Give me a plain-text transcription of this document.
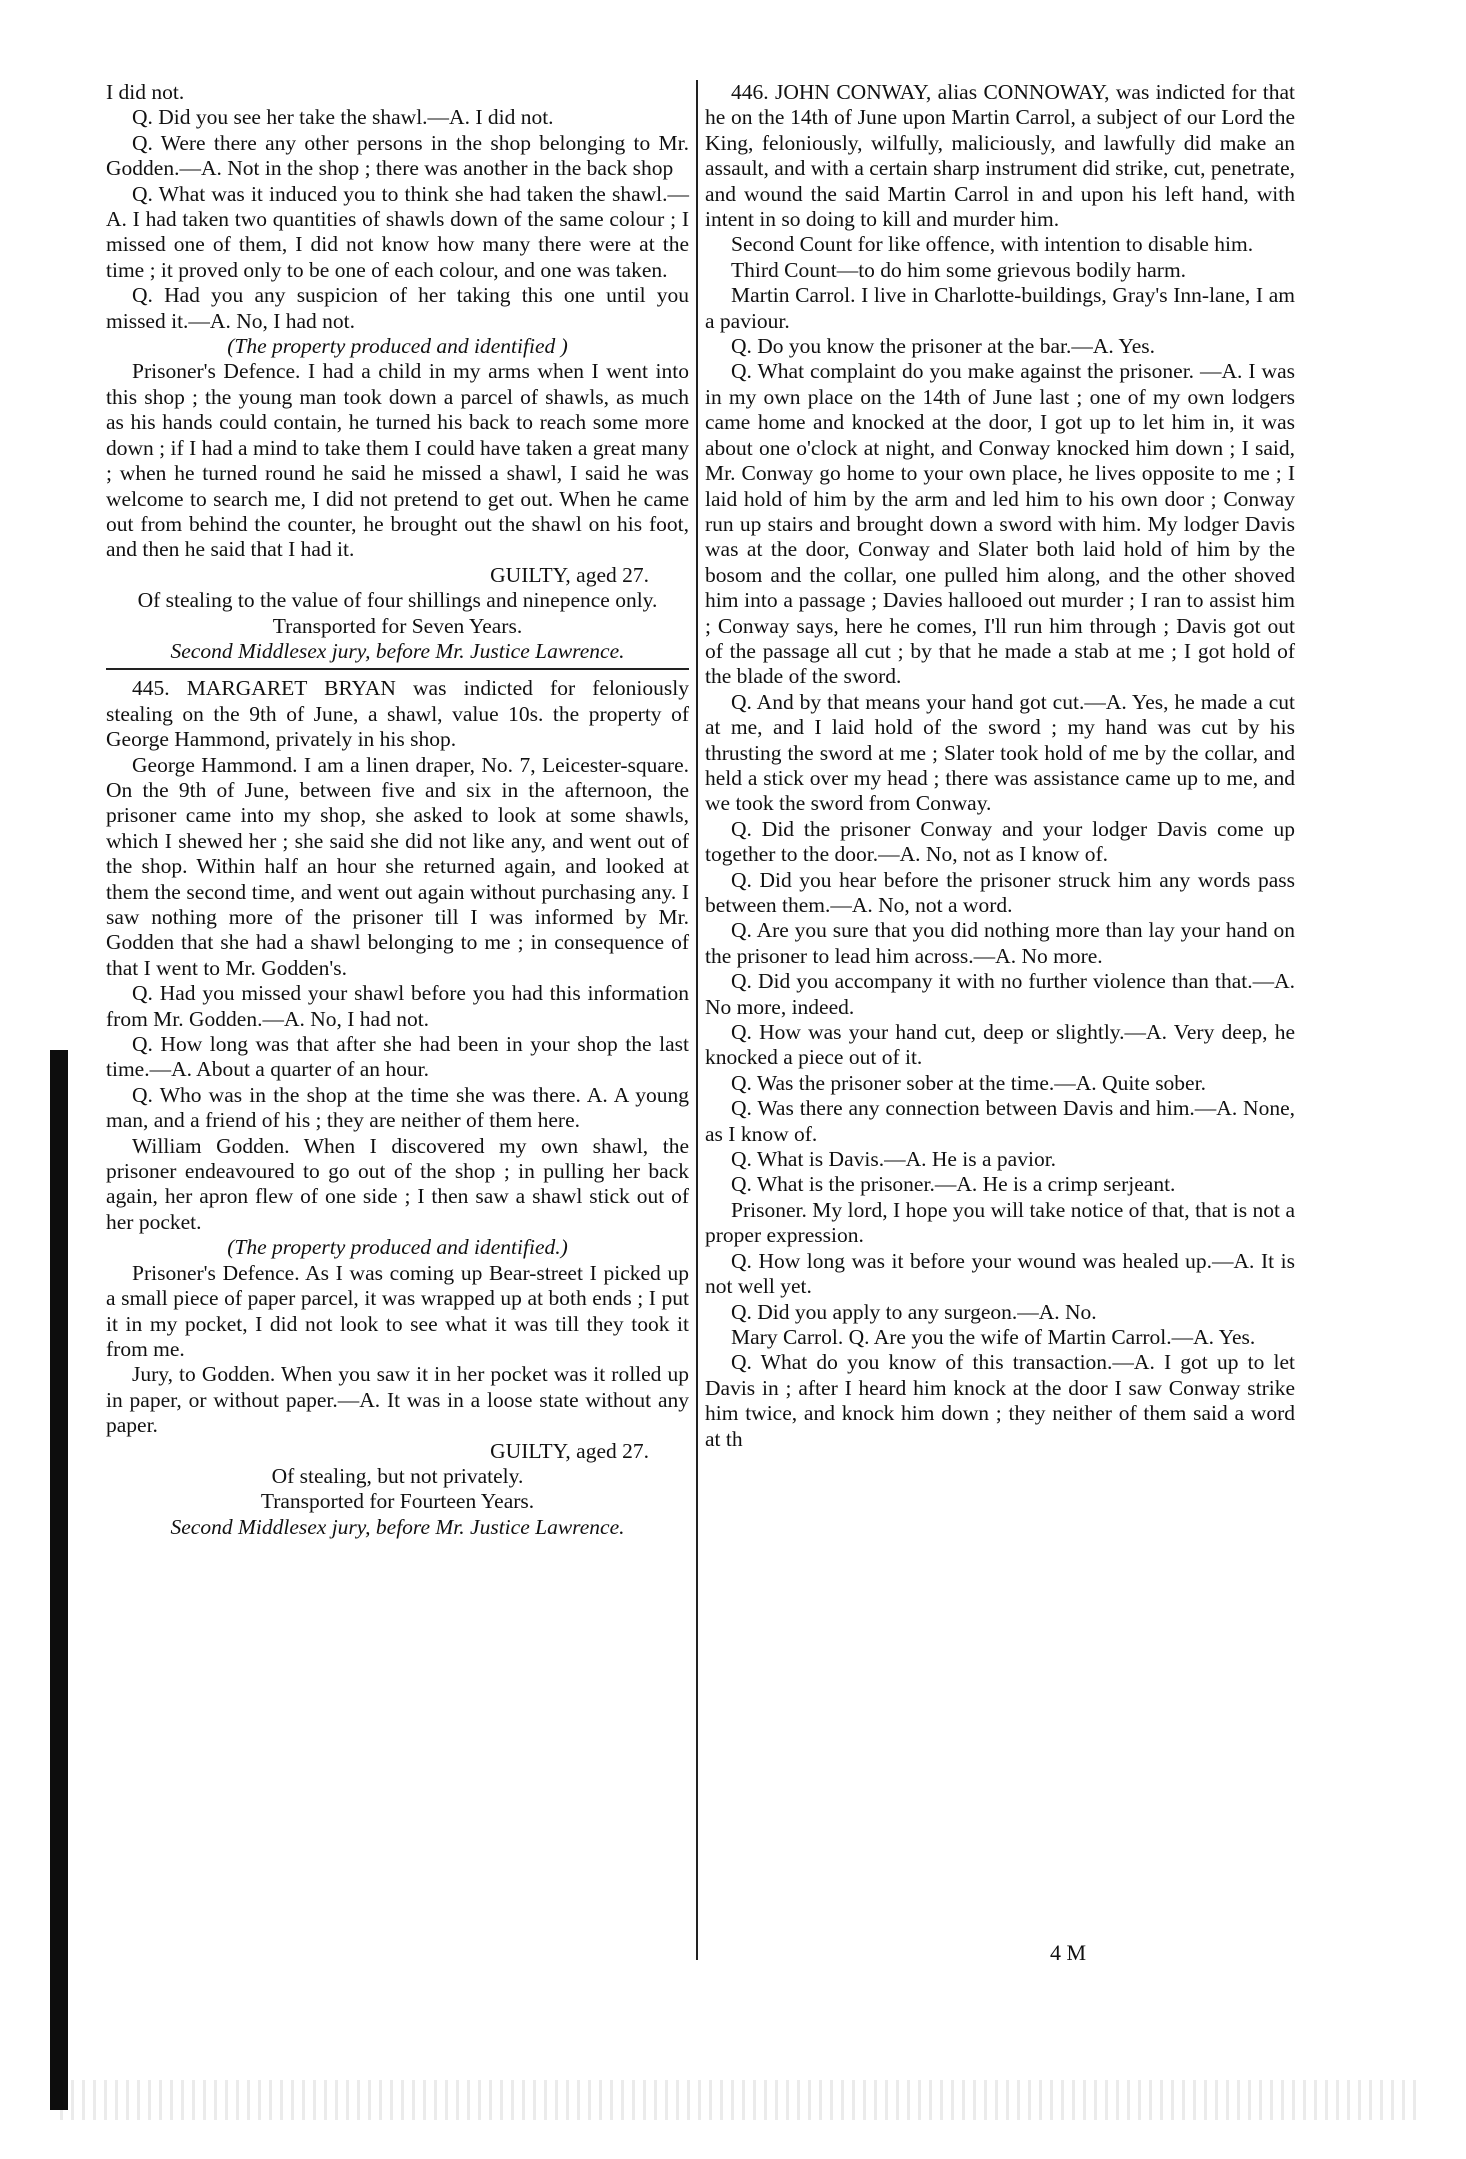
I did not.

Q. Did you see her take the shawl.—A. I did not.

Q. Were there any other persons in the shop belonging to Mr. Godden.—A. Not in the shop ; there was another in the back shop

Q. What was it induced you to think she had taken the shawl.—A. I had taken two quantities of shawls down of the same colour ; I missed one of them, I did not know how many there were at the time ; it proved only to be one of each colour, and one was taken.

Q. Had you any suspicion of her taking this one until you missed it.—A. No, I had not.

(The property produced and identified )

Prisoner's Defence. I had a child in my arms when I went into this shop ; the young man took down a parcel of shawls, as much as his hands could contain, he turned his back to reach some more down ; if I had a mind to take them I could have taken a great many ; when he turned round he said he missed a shawl, I said he was welcome to search me, I did not pretend to get out. When he came out from behind the counter, he brought out the shawl on his foot, and then he said that I had it.

GUILTY, aged 27.

Of stealing to the value of four shillings and ninepence only.

Transported for Seven Years.

Second Middlesex jury, before Mr. Justice Lawrence.

445. MARGARET BRYAN was indicted for feloniously stealing on the 9th of June, a shawl, value 10s. the property of George Hammond, privately in his shop.

George Hammond. I am a linen draper, No. 7, Leicester-square. On the 9th of June, between five and six in the afternoon, the prisoner came into my shop, she asked to look at some shawls, which I shewed her ; she said she did not like any, and went out of the shop. Within half an hour she returned again, and looked at them the second time, and went out again without purchasing any. I saw nothing more of the prisoner till I was informed by Mr. Godden that she had a shawl belonging to me ; in consequence of that I went to Mr. Godden's.

Q. Had you missed your shawl before you had this information from Mr. Godden.—A. No, I had not.

Q. How long was that after she had been in your shop the last time.—A. About a quarter of an hour.

Q. Who was in the shop at the time she was there. A. A young man, and a friend of his ; they are neither of them here.

William Godden. When I discovered my own shawl, the prisoner endeavoured to go out of the shop ; in pulling her back again, her apron flew of one side ; I then saw a shawl stick out of her pocket.

(The property produced and identified.)

Prisoner's Defence. As I was coming up Bear-street I picked up a small piece of paper parcel, it was wrapped up at both ends ; I put it in my pocket, I did not look to see what it was till they took it from me.

Jury, to Godden. When you saw it in her pocket was it rolled up in paper, or without paper.—A. It was in a loose state without any paper.

GUILTY, aged 27.

Of stealing, but not privately.

Transported for Fourteen Years.

Second Middlesex jury, before Mr. Justice Lawrence.

446. JOHN CONWAY, alias CONNOWAY, was indicted for that he on the 14th of June upon Martin Carrol, a subject of our Lord the King, feloniously, wilfully, maliciously, and lawfully did make an assault, and with a certain sharp instrument did strike, cut, penetrate, and wound the said Martin Carrol in and upon his left hand, with intent in so doing to kill and murder him.

Second Count for like offence, with intention to disable him.

Third Count—to do him some grievous bodily harm.

Martin Carrol. I live in Charlotte-buildings, Gray's Inn-lane, I am a paviour.

Q. Do you know the prisoner at the bar.—A. Yes.

Q. What complaint do you make against the prisoner. —A. I was in my own place on the 14th of June last ; one of my own lodgers came home and knocked at the door, I got up to let him in, it was about one o'clock at night, and Conway knocked him down ; I said, Mr. Conway go home to your own place, he lives opposite to me ; I laid hold of him by the arm and led him to his own door ; Conway run up stairs and brought down a sword with him. My lodger Davis was at the door, Conway and Slater both laid hold of him by the bosom and the collar, one pulled him along, and the other shoved him into a passage ; Davies hallooed out murder ; I ran to assist him ; Conway says, here he comes, I'll run him through ; Davis got out of the passage all cut ; by that he made a stab at me ; I got hold of the blade of the sword.

Q. And by that means your hand got cut.—A. Yes, he made a cut at me, and I laid hold of the sword ; my hand was cut by his thrusting the sword at me ; Slater took hold of me by the collar, and held a stick over my head ; there was assistance came up to me, and we took the sword from Conway.

Q. Did the prisoner Conway and your lodger Davis come up together to the door.—A. No, not as I know of.

Q. Did you hear before the prisoner struck him any words pass between them.—A. No, not a word.

Q. Are you sure that you did nothing more than lay your hand on the prisoner to lead him across.—A. No more.

Q. Did you accompany it with no further violence than that.—A. No more, indeed.

Q. How was your hand cut, deep or slightly.—A. Very deep, he knocked a piece out of it.

Q. Was the prisoner sober at the time.—A. Quite sober.

Q. Was there any connection between Davis and him.—A. None, as I know of.

Q. What is Davis.—A. He is a pavior.

Q. What is the prisoner.—A. He is a crimp serjeant.

Prisoner. My lord, I hope you will take notice of that, that is not a proper expression.

Q. How long was it before your wound was healed up.—A. It is not well yet.

Q. Did you apply to any surgeon.—A. No.

Mary Carrol. Q. Are you the wife of Martin Carrol.—A. Yes.

Q. What do you know of this transaction.—A. I got up to let Davis in ; after I heard him knock at the door I saw Conway strike him twice, and knock him down ; they neither of them said a word at th

4 M
